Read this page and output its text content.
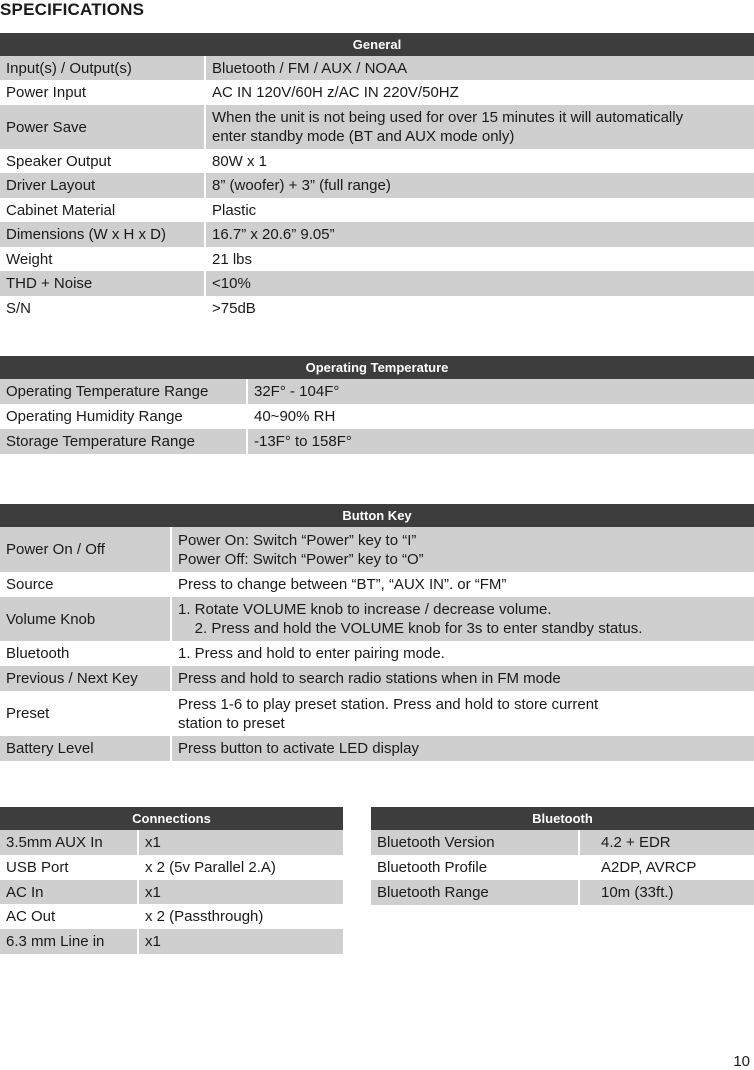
SPECIFICATIONS
General	
Input(s) / Output(s)	Bluetooth / FM / AUX / NOAA
Power Input	AC IN 120V/60H z/AC IN 220V/50HZ
Power Save	When the unit is not being used for over 15 minutes it will automatically
enter standby mode (BT and AUX mode only)
Speaker Output	80W x 1
Driver Layout	8” (woofer) + 3” (full range)
Cabinet Material	Plastic
Dimensions (W x H x D)	16.7” x 20.6” 9.05”
Weight	21 lbs
THD + Noise	<10%
S/N	>75dB
Operating Temperature	
Operating Temperature Range	32F° - 104F°
Operating Humidity Range	40~90% RH
Storage Temperature Range	-13F° to 158F°
Button Key	
Power On / Off	Power On: Switch “Power” key to “I”
Power Off: Switch “Power” key to “O”
Source	Press to change between “BT”, “AUX IN”. or “FM”
Volume Knob	1. Rotate VOLUME knob to increase / decrease volume.
2. Press and hold the VOLUME knob for 3s to enter standby status.
Bluetooth	1. Press and hold to enter pairing mode.
Previous / Next Key	Press and hold to search radio stations when in FM mode
Preset	Press 1-6 to play preset station. Press and hold to store current
station to preset
Battery Level	Press button to activate LED display
Connections	
3.5mm AUX In	x1
USB Port	x 2 (5v Parallel 2.A)
AC In	x1
AC Out	x 2 (Passthrough)
6.3 mm Line in	x1
Bluetooth	
Bluetooth Version	4.2 + EDR
Bluetooth Profile	A2DP, AVRCP
Bluetooth Range	10m (33ft.)
10
